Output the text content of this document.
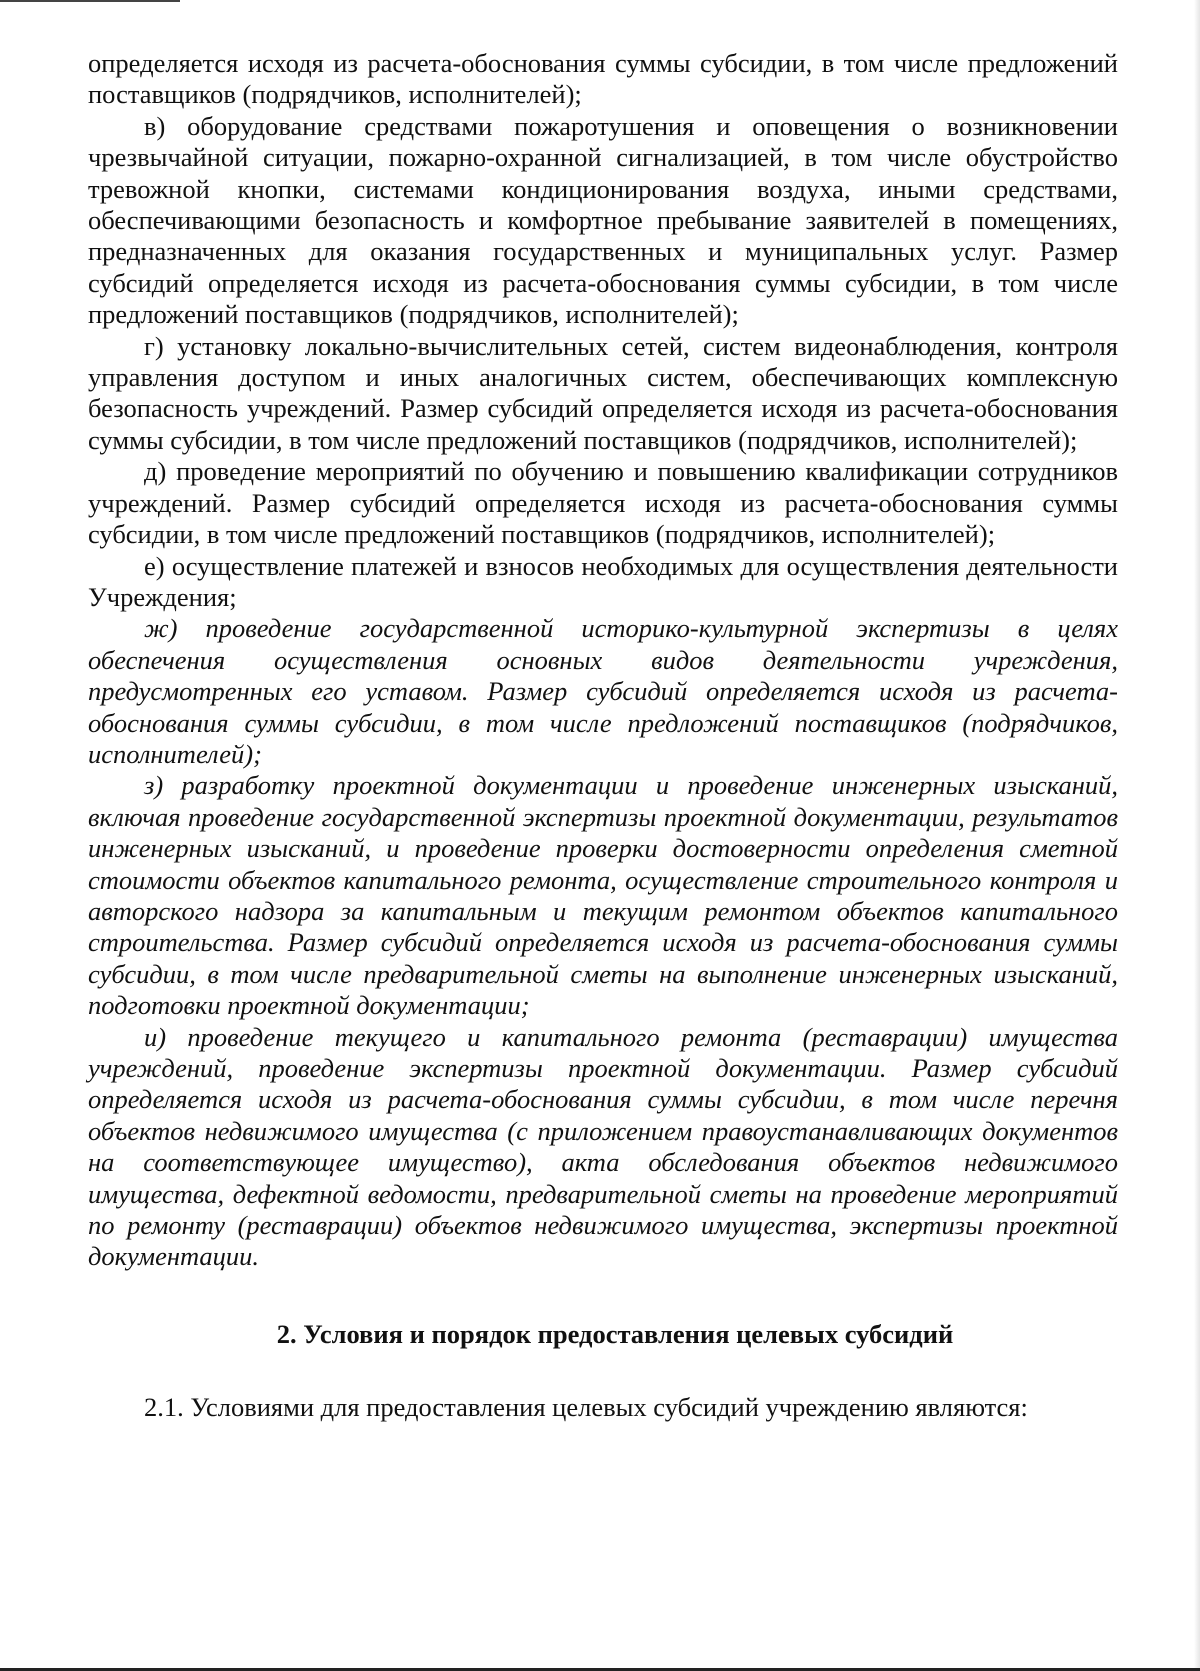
определяется исходя из расчета-обоснования суммы субсидии, в том числе предложений поставщиков (подрядчиков, исполнителей);

в) оборудование средствами пожаротушения и оповещения о возникновении чрезвычайной ситуации, пожарно-охранной сигнализацией, в том числе обустройство тревожной кнопки, системами кондиционирования воздуха, иными средствами, обеспечивающими безопасность и комфортное пребывание заявителей в помещениях, предназначенных для оказания государственных и муниципальных услуг. Размер субсидий определяется исходя из расчета-обоснования суммы субсидии, в том числе предложений поставщиков (подрядчиков, исполнителей);

г) установку локально-вычислительных сетей, систем видеонаблюдения, контроля управления доступом и иных аналогичных систем, обеспечивающих комплексную безопасность учреждений. Размер субсидий определяется исходя из расчета-обоснования суммы субсидии, в том числе предложений поставщиков (подрядчиков, исполнителей);

д) проведение мероприятий по обучению и повышению квалификации сотрудников учреждений. Размер субсидий определяется исходя из расчета-обоснования суммы субсидии, в том числе предложений поставщиков (подрядчиков, исполнителей);

е) осуществление платежей и взносов необходимых для осуществления деятельности Учреждения;

ж) проведение государственной историко-культурной экспертизы в целях обеспечения осуществления основных видов деятельности учреждения, предусмотренных его уставом. Размер субсидий определяется исходя из расчета-обоснования суммы субсидии, в том числе предложений поставщиков (подрядчиков, исполнителей);

з) разработку проектной документации и проведение инженерных изысканий, включая проведение государственной экспертизы проектной документации, результатов инженерных изысканий, и проведение проверки достоверности определения сметной стоимости объектов капитального ремонта, осуществление строительного контроля и авторского надзора за капитальным и текущим ремонтом объектов капитального строительства. Размер субсидий определяется исходя из расчета-обоснования суммы субсидии, в том числе предварительной сметы на выполнение инженерных изысканий, подготовки проектной документации;

и) проведение текущего и капитального ремонта (реставрации) имущества учреждений, проведение экспертизы проектной документации. Размер субсидий определяется исходя из расчета-обоснования суммы субсидии, в том числе перечня объектов недвижимого имущества (с приложением правоустанавливающих документов на соответствующее имущество), акта обследования объектов недвижимого имущества, дефектной ведомости, предварительной сметы на проведение мероприятий по ремонту (реставрации) объектов недвижимого имущества, экспертизы проектной документации.

2. Условия и порядок предоставления целевых субсидий

2.1. Условиями для предоставления целевых субсидий учреждению являются:
